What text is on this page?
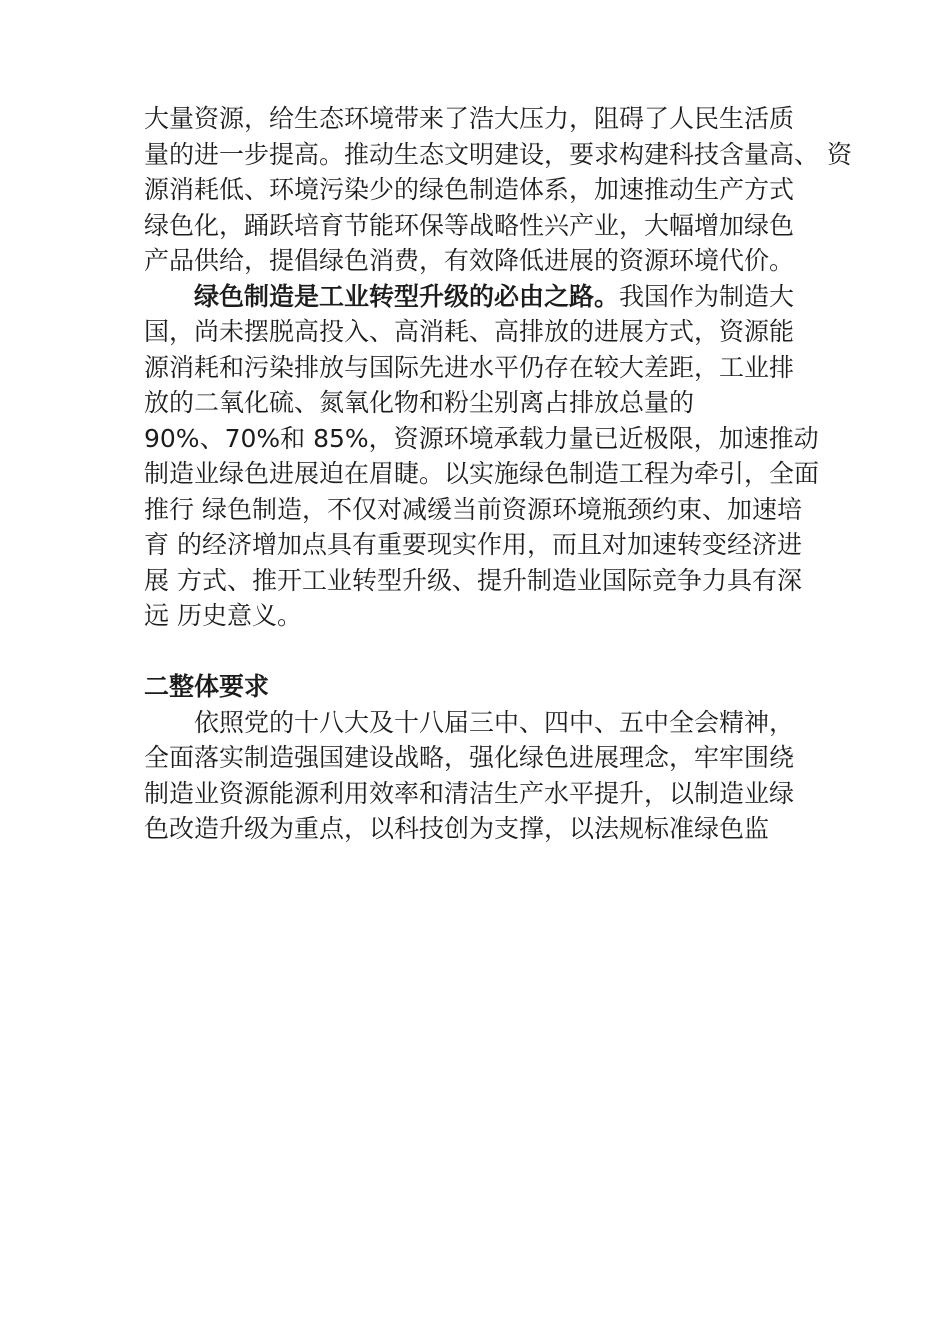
大量资源，给生态环境带来了浩大压力，阻碍了人民生活质
量的进一步提高。推动生态文明建设，要求构建科技含量高、 资
源消耗低、环境污染少的绿色制造体系，加速推动生产方式
绿色化，踊跃培育节能环保等战略性兴产业，大幅增加绿色
产品供给，提倡绿色消费，有效降低进展的资源环境代价。
绿色制造是工业转型升级的必由之路。我国作为制造大
国，尚未摆脱高投入、高消耗、高排放的进展方式，资源能
源消耗和污染排放与国际先进水平仍存在较大差距，工业排
放的二氧化硫、氮氧化物和粉尘别离占排放总量的
90%、70%和 85%，资源环境承载力量已近极限，加速推动
制造业绿色进展迫在眉睫。以实施绿色制造工程为牵引，全面
推行 绿色制造，不仅对减缓当前资源环境瓶颈约束、加速培
育 的经济增加点具有重要现实作用，而且对加速转变经济进
展 方式、推开工业转型升级、提升制造业国际竞争力具有深
远 历史意义。
二整体要求
依照党的十八大及十八届三中、四中、五中全会精神，
全面落实制造强国建设战略，强化绿色进展理念，牢牢围绕
制造业资源能源利用效率和清洁生产水平提升，以制造业绿
色改造升级为重点，以科技创为支撑，以法规标准绿色监
